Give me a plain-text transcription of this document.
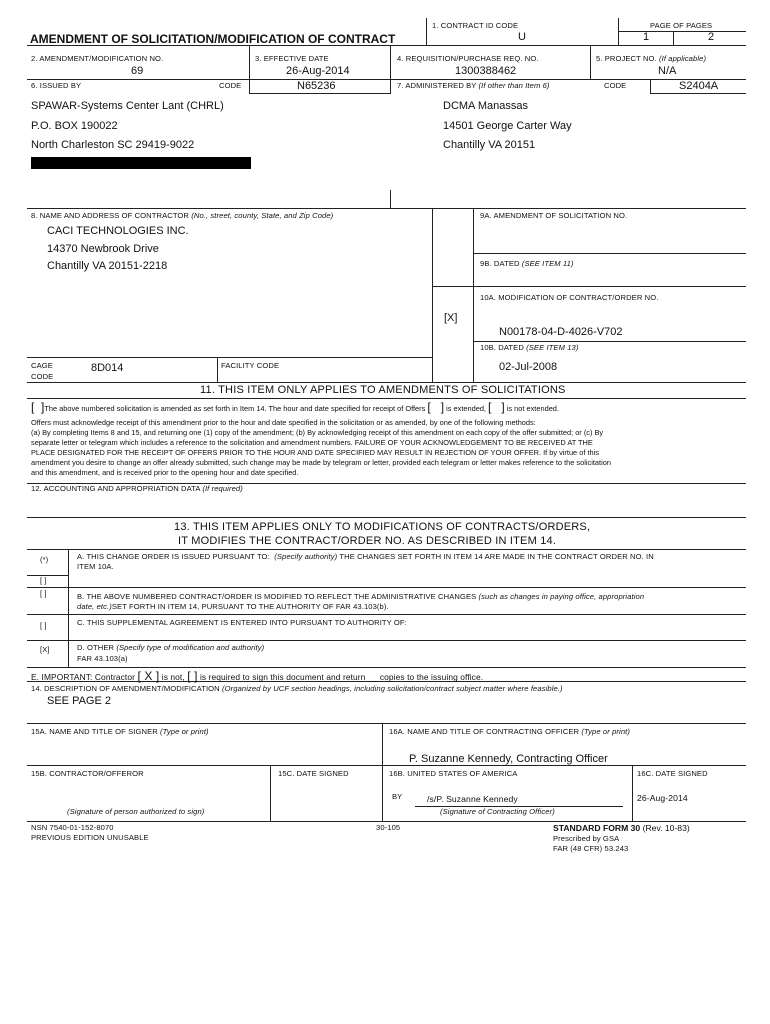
AMENDMENT OF SOLICITATION/MODIFICATION OF CONTRACT
1. CONTRACT ID CODE
U
PAGE OF PAGES
1	2
2. AMENDMENT/MODIFICATION NO.
69
3. EFFECTIVE DATE
26-Aug-2014
4. REQUISITION/PURCHASE REQ. NO.
1300388462
5. PROJECT NO. (If applicable)
N/A
6. ISSUED BY	CODE	N65236	7. ADMINISTERED BY (If other than Item 6)	CODE	S2404A
SPAWAR-Systems Center Lant (CHRL)
P.O. BOX 190022
North Charleston SC 29419-9022
DCMA Manassas
14501 George Carter Way
Chantilly VA 20151
8. NAME AND ADDRESS OF CONTRACTOR (No., street, county, State, and Zip Code)
CACI TECHNOLOGIES INC.
14370 Newbrook Drive
Chantilly VA 20151-2218
CAGE
CODE
8D014	FACILITY CODE
9A. AMENDMENT OF SOLICITATION NO.
9B. DATED (SEE ITEM 11)
10A. MODIFICATION OF CONTRACT/ORDER NO.
[X]
N00178-04-D-4026-V702
10B. DATED (SEE ITEM 13)
02-Jul-2008
11. THIS ITEM ONLY APPLIES TO AMENDMENTS OF SOLICITATIONS
[  ]The above numbered solicitation is amended as set forth in Item 14. The hour and date specified for receipt of Offers [   ] is extended, [   ] is not extended.
Offers must acknowledge receipt of this amendment prior to the hour and date specified in the solicitation or as amended, by one of the following methods:
(a) By completing Items 8 and 15, and returning one (1) copy of the amendment; (b) By acknowledging receipt of this amendment on each copy of the offer submitted; or (c) By
separate letter or telegram which includes a reference to the solicitation and amendment numbers. FAILURE OF YOUR ACKNOWLEDGEMENT TO BE RECEIVED AT THE
PLACE DESIGNATED FOR THE RECEIPT OF OFFERS PRIOR TO THE HOUR AND DATE SPECIFIED MAY RESULT IN REJECTION OF YOUR OFFER. If by virtue of this
amendment you desire to change an offer already submitted, such change may be made by telegram or letter, provided each telegram or letter makes reference to the solicitation
and this amendment, and is received prior to the opening hour and date specified.
12. ACCOUNTING AND APPROPRIATION DATA (If required)
13. THIS ITEM APPLIES ONLY TO MODIFICATIONS OF CONTRACTS/ORDERS,
IT MODIFIES THE CONTRACT/ORDER NO. AS DESCRIBED IN ITEM 14.
(*)	A. THIS CHANGE ORDER IS ISSUED PURSUANT TO: (Specify authority) THE CHANGES SET FORTH IN ITEM 14 ARE MADE IN THE CONTRACT ORDER NO. IN
ITEM 10A.
[ ]
[ ]	B. THE ABOVE NUMBERED CONTRACT/ORDER IS MODIFIED TO REFLECT THE ADMINISTRATIVE CHANGES (such as changes in paying office, appropriation
date, etc.)SET FORTH IN ITEM 14, PURSUANT TO THE AUTHORITY OF FAR 43.103(b).
[ ]	C. THIS SUPPLEMENTAL AGREEMENT IS ENTERED INTO PURSUANT TO AUTHORITY OF:
[X]	D. OTHER (Specify type of modification and authority)
FAR 43.103(a)
E. IMPORTANT: Contractor [ X ] is not, [ ] is required to sign this document and return __ copies to the issuing office.
14. DESCRIPTION OF AMENDMENT/MODIFICATION (Organized by UCF section headings, including solicitation/contract subject matter where feasible.)
SEE PAGE 2
15A. NAME AND TITLE OF SIGNER (Type or print)	16A. NAME AND TITLE OF CONTRACTING OFFICER (Type or print)
P. Suzanne Kennedy, Contracting Officer
15B. CONTRACTOR/OFFEROR	15C. DATE SIGNED	16B. UNITED STATES OF AMERICA	16C. DATE SIGNED
BY	/s/P. Suzanne Kennedy	26-Aug-2014
(Signature of person authorized to sign)	(Signature of Contracting Officer)
NSN 7540-01-152-8070
PREVIOUS EDITION UNUSABLE
30-105	STANDARD FORM 30 (Rev. 10-83)
Prescribed by GSA
FAR (48 CFR) 53.243
